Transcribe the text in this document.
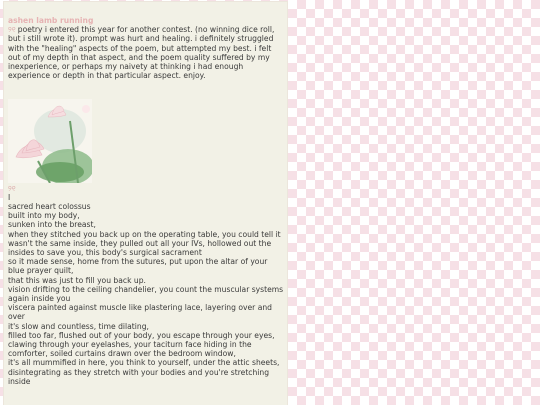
ashen lamb running

୨୧ poetry i entered this year for another contest. (no winning dice roll, but i still wrote it). prompt was hurt and healing. i definitely struggled with the "healing" aspects of the poem, but attempted my best. i felt out of my depth in that aspect, and the poem quality suffered by my inexperience, or perhaps my naivety at thinking i had enough experience or depth in that particular aspect. enjoy.

୨୧
I
sacred heart colossus
built into my body,
sunken into the breast,
when they stitched you back up on the operating table, you could tell it wasn't the same inside, they pulled out all your IVs, hollowed out the insides to save you, this body's surgical sacrament
so it made sense, home from the sutures, put upon the altar of your blue prayer quilt,
that this was just to fill you back up.
vision drifting to the ceiling chandelier, you count the muscular systems again inside you
viscera painted against muscle like plastering lace, layering over and over
it's slow and countless, time dilating,
filled too far, flushed out of your body, you escape through your eyes, clawing through your eyelashes, your taciturn face hiding in the comforter, soiled curtains drawn over the bedroom window,
it's all mummified in here, you think to yourself, under the attic sheets, disintegrating as they stretch with your bodies and you're stretching inside
